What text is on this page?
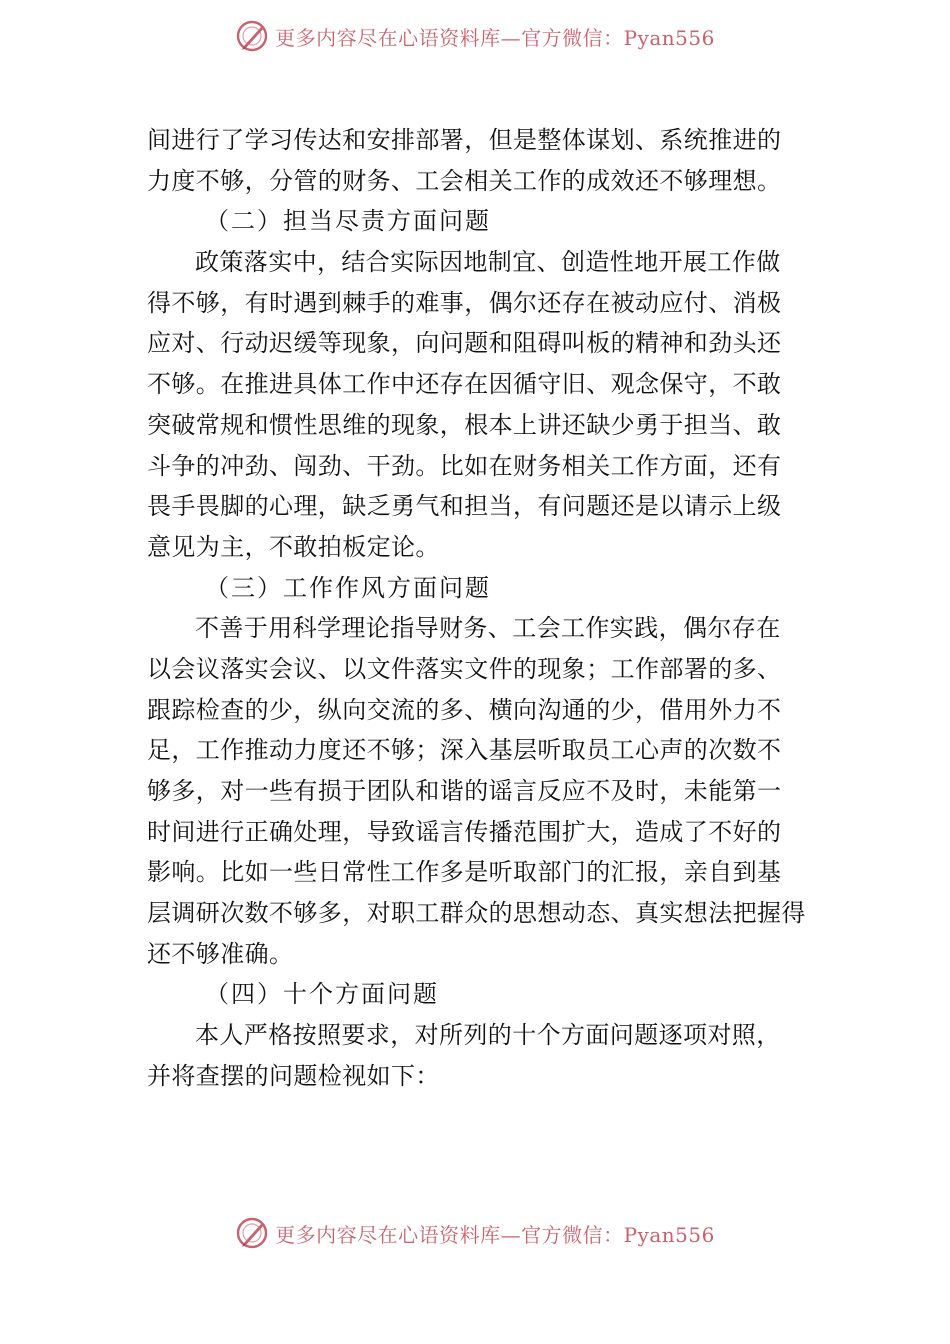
更多内容尽在心语资料库—官方微信：Pyan556
间进行了学习传达和安排部署，但是整体谋划、系统推进的
力度不够，分管的财务、工会相关工作的成效还不够理想。
（二）担当尽责方面问题
政策落实中，结合实际因地制宜、创造性地开展工作做
得不够，有时遇到棘手的难事，偶尔还存在被动应付、消极
应对、行动迟缓等现象，向问题和阻碍叫板的精神和劲头还
不够。在推进具体工作中还存在因循守旧、观念保守，不敢
突破常规和惯性思维的现象，根本上讲还缺少勇于担当、敢
斗争的冲劲、闯劲、干劲。比如在财务相关工作方面，还有
畏手畏脚的心理，缺乏勇气和担当，有问题还是以请示上级
意见为主，不敢拍板定论。
（三）工作作风方面问题
不善于用科学理论指导财务、工会工作实践，偶尔存在
以会议落实会议、以文件落实文件的现象；工作部署的多、
跟踪检查的少，纵向交流的多、横向沟通的少，借用外力不
足，工作推动力度还不够；深入基层听取员工心声的次数不
够多，对一些有损于团队和谐的谣言反应不及时，未能第一
时间进行正确处理，导致谣言传播范围扩大，造成了不好的
影响。比如一些日常性工作多是听取部门的汇报，亲自到基
层调研次数不够多，对职工群众的思想动态、真实想法把握得
还不够准确。
（四）十个方面问题
本人严格按照要求，对所列的十个方面问题逐项对照，
并将查摆的问题检视如下：
更多内容尽在心语资料库—官方微信：Pyan556
